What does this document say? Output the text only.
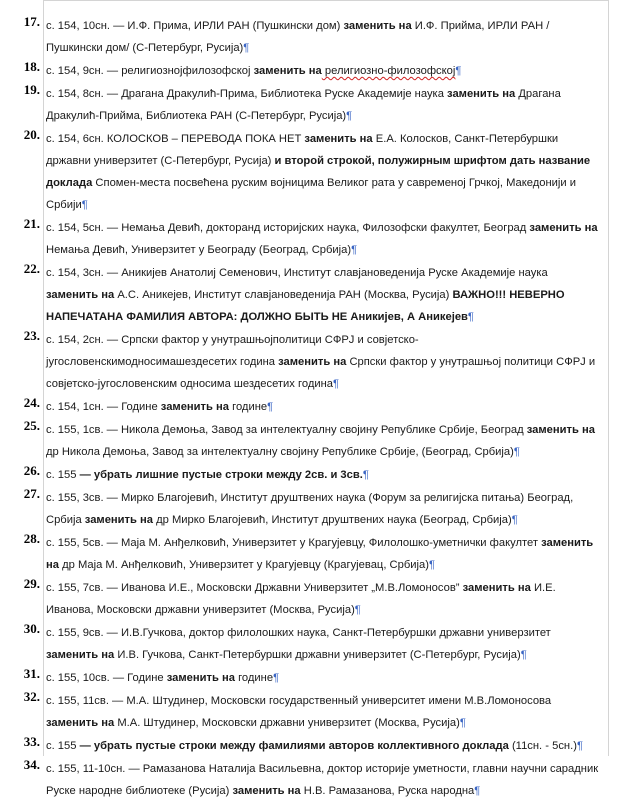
17. с. 154, 10сн. — И.Ф. Прима, ИРЛИ РАН (Пушкински дом) заменить на И.Ф. Прийма, ИРЛИ РАН /Пушкински дом/ (С-Петербург, Русија)¶
18. с. 154, 9сн. — религиознојфилозофској заменить на религиозно-филозофској¶
19. с. 154, 8сн. — Драгана Дракулић-Прима, Библиотека Руске Академије наука заменить на Драгана Дракулић-Прийма, Библиотека РАН (С-Петербург, Русија)¶
20. с. 154, 6сн. КОЛОСКОВ – ПЕРЕВОДА ПОКА НЕТ заменить на Е.А. Колосков, Санкт-Петербуршки државни универзитет (С-Петербург, Русија) и второй строкой, полужирным шрифтом дать название доклада Спомен-места посвећена руским војницима Великог рата у савременој Грчкој, Македонији и Србији¶
21. с. 154, 5сн. — Немања Девић, докторанд историјских наука, Филозофски факултет, Београд заменить на Немања Девић, Универзитет у Београду (Београд, Србија)¶
22. с. 154, 3сн. — Аникијев Анатолиј Семенович, Институт славјановедениjа Руске Академије наука заменить на А.С. Аникејев, Институт славјановеденија РАН (Москва, Русија) ВАЖНО!!! НЕВЕРНО НАПЕЧАТАНА ФАМИЛИЯ АВТОРА: ДОЛЖНО БЫТЬ НЕ Аникијев, А Аникејев¶
23. с. 154, 2сн. — Српски фактор у унутрашњојполитици СФРЈ и совјетско-југословенскимодносимашездесетих година заменить на Српски фактор у унутрашњој политици СФРЈ и совјетско-југословенским односима шездесетих година¶
24. с. 154, 1сн. — Године заменить на године¶
25. с. 155, 1св. — Никола Демоња, Завод за интелектуалну својину Републике Србије, Београд заменить на др Никола Демоња, Завод за интелектуалну својину Републике Србије, (Београд, Србија)¶
26. с. 155 — убрать лишние пустые строки между 2св. и 3св.¶
27. с. 155, 3св. — Мирко Благојевић, Институт друштвених наука (Форум за религијска питања) Београд, Србија заменить на др Мирко Благојевић, Институт друштвених наука (Београд, Србија)¶
28. с. 155, 5св. — Маја М. Анђелковић, Универзитет у Крагујевцу, Филолошко-уметнички факултет заменить на др Маја М. Анђелковић, Универзитет у Крагујевцу (Крагујевац, Србија)¶
29. с. 155, 7св. — Иванова И.Е., Московски Државни Универзитет „М.В.Ломоносов” заменить на И.Е. Иванова, Московски државни универзитет (Москва, Русија)¶
30. с. 155, 9св. — И.В.Гучкова, доктор филолошких наука, Санкт-Петербуршки државни универзитет заменить на И.В. Гучкова, Санкт-Петербуршки државни универзитет (С-Петербург, Русија)¶
31. с. 155, 10св. — Године заменить на године¶
32. с. 155, 11св. — М.А. Штудинер, Московски государственный университет имени М.В.Ломоносова заменить на М.А. Штудинер, Московски државни универзитет (Москва, Русија)¶
33. с. 155 — убрать пустые строки между фамилиями авторов коллективного доклада (11сн. - 5сн.)¶
34. с. 155, 11-10сн. — Рамазанова Наталија Васильевна, доктор историје уметности, главни научни сарадник Руске народне библиотеке (Русија) заменить на Н.В. Рамазанова, Руска народна¶
